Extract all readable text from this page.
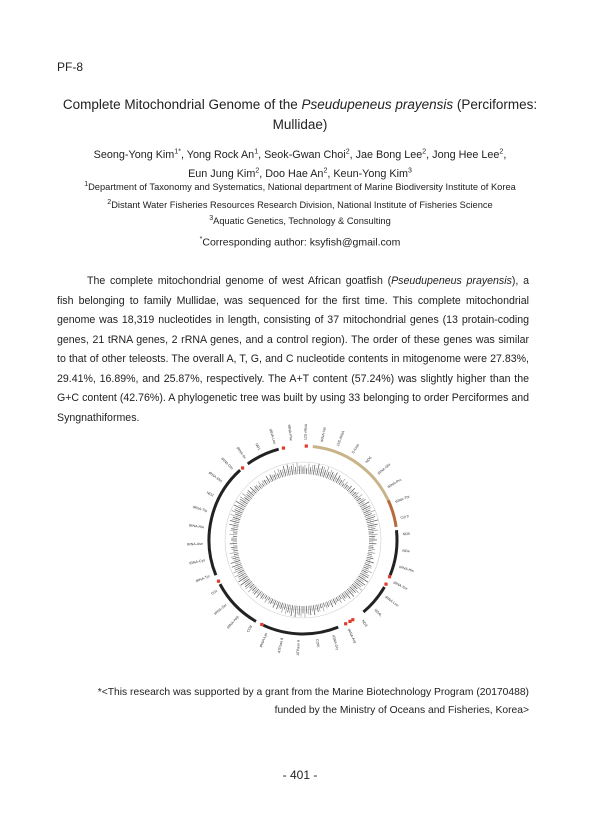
PF-8
Complete Mitochondrial Genome of the Pseudupeneus prayensis (Perciformes: Mullidae)
Seong-Yong Kim$^{1*}$, Yong Rock An$^1$, Seok-Gwan Choi$^2$, Jae Bong Lee$^2$, Jong Hee Lee$^2$,
Eun Jung Kim$^2$, Doo Hae An$^2$, Keun-Yong Kim$^3$
$^1$Department of Taxonomy and Systematics, National department of Marine Biodiversity Institute of Korea
$^2$Distant Water Fisheries Resources Research Division, National Institute of Fisheries Science
$^3$Aquatic Genetics, Technology & Consulting
*Corresponding author: ksyfish@gmail.com
The complete mitochondrial genome of west African goatfish (Pseudupeneus prayensis), a fish belonging to family Mullidae, was sequenced for the first time. This complete mitochondrial genome was 18,319 nucleotides in length, consisting of 37 mitochondrial genes (13 protain-coding genes, 21 tRNA genes, 2 rRNA genes, and a control region). The order of these genes was similar to that of other teleosts. The overall A, T, G, and C nucleotide contents in mitogenome were 27.83%, 29.41%, 16.89%, and 25.87%, respectively. The A+T content (57.24%) was slightly higher than the G+C content (42.76%). A phylogenetic tree was built by using 33 belonging to order Perciformes and Syngnathiformes.
12S rRNA	tRNA-Val	16S rRNA
D-loop
ND6
tRNA-Glu
tRNA-Pro
tRNA-Thr
Cyt b
ND5
ND4
tRNA-His
tRNA-Ser
tRNA-Leu
ND4L
ND3
tRNA-Arg
tRNA-Gly
COIII
ATPase 6
ATPase 8
tRNA-Lys
COII
tRNA-Asp
tRNA-Ser
COI
tRNA-Tyr
tRNA-Cys
tRNA-Asn
tRNA-Ala
tRNA-Trp
ND2
tRNA-Met
tRNA-Gln
tRNA-Ile ND1
tRNA-Leu	tRNA-Phe
*<This research was supported by a grant from the Marine Biotechnology Program (20170488)
funded by the Ministry of Oceans and Fisheries, Korea>
- 401 -
